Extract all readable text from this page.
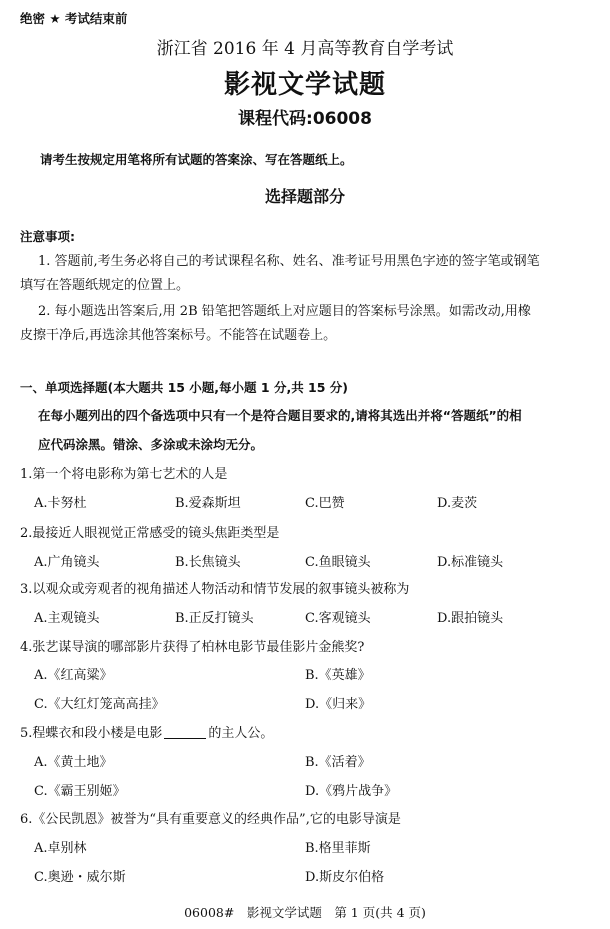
绝密 ★ 考试结束前
浙江省 2016 年 4 月高等教育自学考试
影视文学试题
课程代码:06008
请考生按规定用笔将所有试题的答案涂、写在答题纸上。
选择题部分
注意事项:
1. 答题前,考生务必将自己的考试课程名称、姓名、准考证号用黑色字迹的签字笔或钢笔
填写在答题纸规定的位置上。
2. 每小题选出答案后,用 2B 铅笔把答题纸上对应题目的答案标号涂黑。如需改动,用橡
皮擦干净后,再选涂其他答案标号。不能答在试题卷上。
一、单项选择题(本大题共 15 小题,每小题 1 分,共 15 分)
在每小题列出的四个备选项中只有一个是符合题目要求的,请将其选出并将“答题纸”的相
应代码涂黑。错涂、多涂或未涂均无分。
1.第一个将电影称为第七艺术的人是
A.卡努杜	B.爱森斯坦	C.巴赞	D.麦茨
2.最接近人眼视觉正常感受的镜头焦距类型是
A.广角镜头	B.长焦镜头	C.鱼眼镜头	D.标准镜头
3.以观众或旁观者的视角描述人物活动和情节发展的叙事镜头被称为
A.主观镜头	B.正反打镜头	C.客观镜头	D.跟拍镜头
4.张艺谋导演的哪部影片获得了柏林电影节最佳影片金熊奖?
A.《红高粱》	B.《英雄》
C.《大红灯笼高高挂》	D.《归来》
5.程蝶衣和段小楼是电影	的主人公。
A.《黄土地》	B.《活着》
C.《霸王别姬》	D.《鸦片战争》
6.《公民凯恩》被誉为“具有重要意义的经典作品”,它的电影导演是
A.卓别林	B.格里菲斯
C.奥逊・威尔斯	D.斯皮尔伯格
06008#　影视文学试题　第 1 页(共 4 页)
